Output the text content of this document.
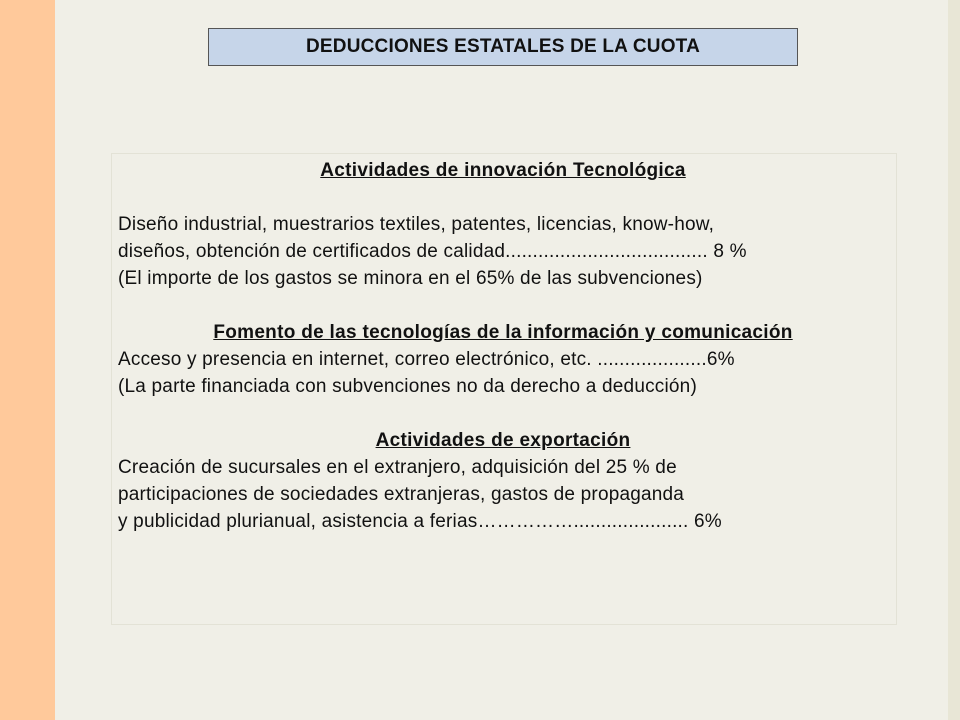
DEDUCCIONES ESTATALES DE LA CUOTA
Actividades de innovación Tecnológica
Diseño industrial, muestrarios textiles, patentes, licencias, know-how,
diseños, obtención de certificados de calidad..................................... 8 %
(El importe de los gastos se minora en el 65% de las subvenciones)
Fomento de las tecnologías de la información y comunicación
Acceso y presencia en internet, correo electrónico, etc. ....................6%
(La parte financiada con subvenciones no da derecho a deducción)
Actividades de exportación
Creación de sucursales en el extranjero, adquisición del 25 % de
participaciones de sociedades extranjeras, gastos de propaganda
y publicidad plurianual, asistencia a ferias……………..................... 6%
